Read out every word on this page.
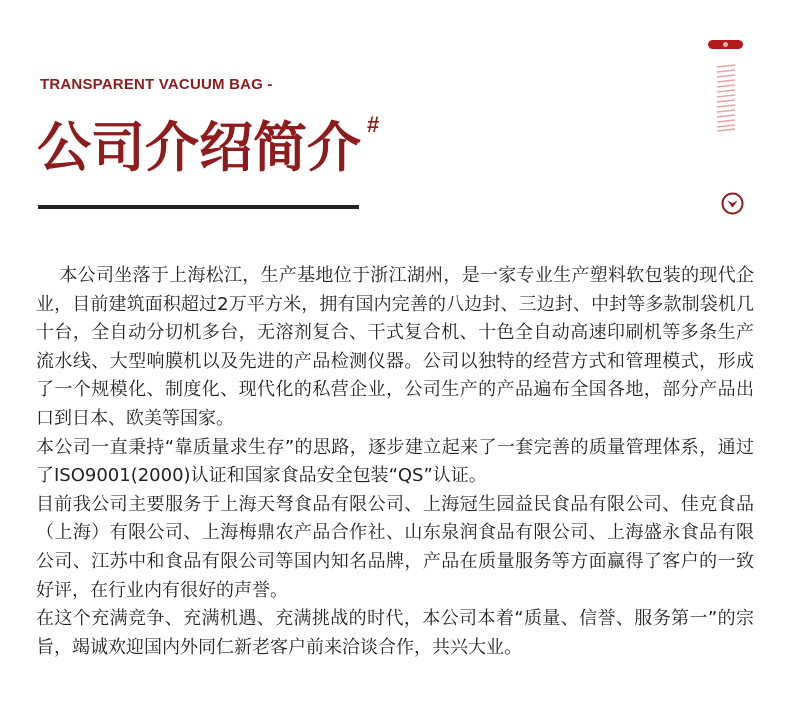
TRANSPARENT VACUUM BAG -
公司介绍简介 #

本公司坐落于上海松江，生产基地位于浙江湖州，是一家专业生产塑料软包装的现代企业，目前建筑面积超过2万平方米，拥有国内完善的八边封、三边封、中封等多款制袋机几十台，全自动分切机多台，无溶剂复合、干式复合机、十色全自动高速印刷机等多条生产流水线、大型响膜机以及先进的产品检测仪器。公司以独特的经营方式和管理模式，形成了一个规模化、制度化、现代化的私营企业，公司生产的产品遍布全国各地，部分产品出口到日本、欧美等国家。

本公司一直秉持“靠质量求生存”的思路，逐步建立起来了一套完善的质量管理体系，通过了ISO9001(2000)认证和国家食品安全包装“QS”认证。

目前我公司主要服务于上海天弩食品有限公司、上海冠生园益民食品有限公司、佳克食品（上海）有限公司、上海梅鼎农产品合作社、山东泉润食品有限公司、上海盛永食品有限公司、江苏中和食品有限公司等国内知名品牌，产品在质量服务等方面赢得了客户的一致好评，在行业内有很好的声誉。

在这个充满竞争、充满机遇、充满挑战的时代，本公司本着“质量、信誉、服务第一”的宗旨，竭诚欢迎国内外同仁新老客户前来洽谈合作，共兴大业。
